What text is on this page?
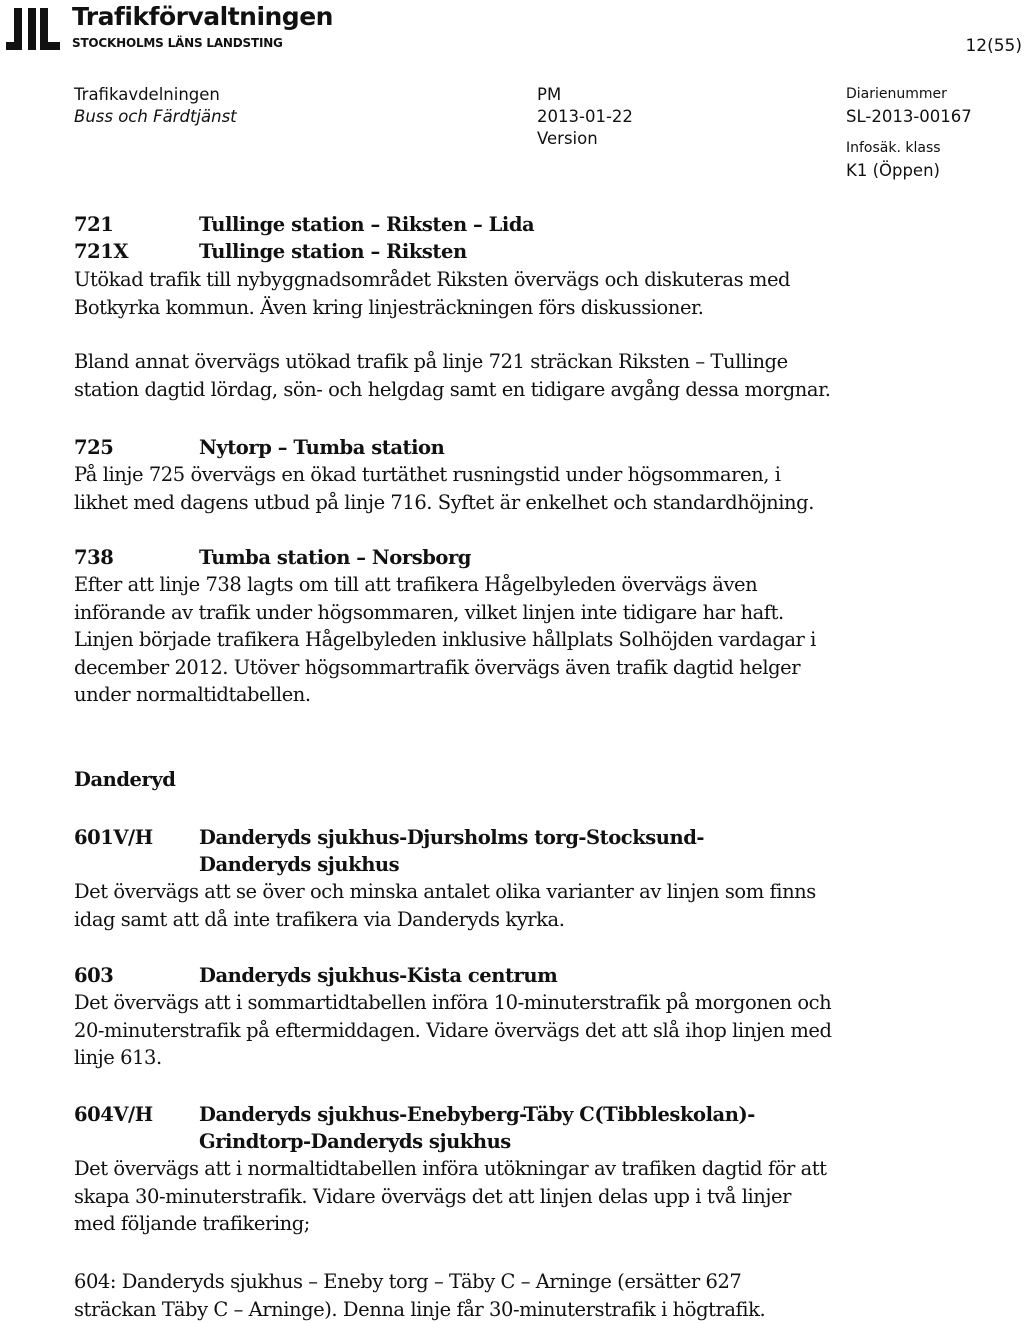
Trafikförvaltningen
STOCKHOLMS LÄNS LANDSTING	12(55)
Trafikavdelningen
Buss och Färdtjänst
PM
2013-01-22
Version
Diarienummer
SL-2013-00167
Infosäk. klass
K1 (Öppen)
721	Tullinge station – Riksten – Lida
721X	Tullinge station – Riksten
Utökad trafik till nybyggnadsområdet Riksten övervägs och diskuteras med
Botkyrka kommun. Även kring linjesträckningen förs diskussioner.
Bland annat övervägs utökad trafik på linje 721 sträckan Riksten – Tullinge
station dagtid lördag, sön- och helgdag samt en tidigare avgång dessa morgnar.
725	Nytorp – Tumba station
På linje 725 övervägs en ökad turtäthet rusningstid under högsommaren, i
likhet med dagens utbud på linje 716. Syftet är enkelhet och standardhöjning.
738	Tumba station – Norsborg
Efter att linje 738 lagts om till att trafikera Hågelbyleden övervägs även
införande av trafik under högsommaren, vilket linjen inte tidigare har haft.
Linjen började trafikera Hågelbyleden inklusive hållplats Solhöjden vardagar i
december 2012. Utöver högsommartrafik övervägs även trafik dagtid helger
under normaltidtabellen.
Danderyd
601V/H Danderyds sjukhus-Djursholms torg-Stocksund-
Danderyds sjukhus
Det övervägs att se över och minska antalet olika varianter av linjen som finns
idag samt att då inte trafikera via Danderyds kyrka.
603	Danderyds sjukhus-Kista centrum
Det övervägs att i sommartidtabellen införa 10-minuterstrafik på morgonen och
20-minuterstrafik på eftermiddagen. Vidare övervägs det att slå ihop linjen med
linje 613.
604V/H Danderyds sjukhus-Enebyberg-Täby C(Tibbleskolan)-
Grindtorp-Danderyds sjukhus
Det övervägs att i normaltidtabellen införa utökningar av trafiken dagtid för att
skapa 30-minuterstrafik. Vidare övervägs det att linjen delas upp i två linjer
med följande trafikering;
604: Danderyds sjukhus – Eneby torg – Täby C – Arninge (ersätter 627
sträckan Täby C – Arninge). Denna linje får 30-minuterstrafik i högtrafik.
